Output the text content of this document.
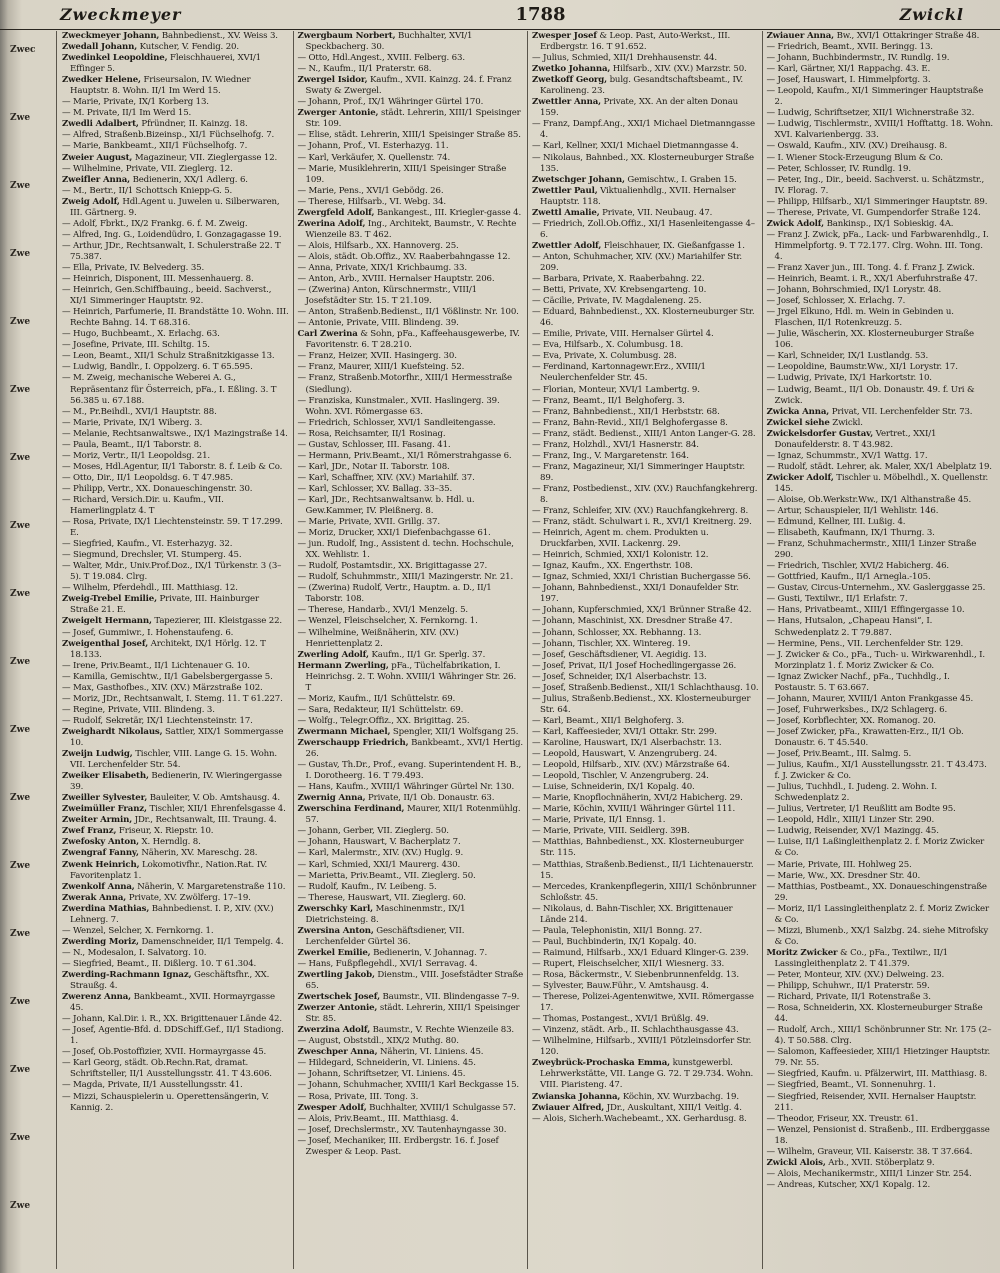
Zweckmeyer	1788	Zwickl
Zwec
Zwe
Zwe
Zwe
Zwe
Zwe
Zwe
Zwe
Zwe
Zwe
Zwe
Zwe
Zwe
Zwe
Zwe
Zwe
Zwe
Zwe

Zweckmeyer Johann, Bahnbedienst., XV. Weiss 3.

Zwedall Johann, Kutscher, V. Fendig. 20.

Zwedinkel Leopoldine, Fleischhauerei, XVI/1 Effinger 5.

Zwedker Helene, Friseursalon, IV. Wiedner Hauptstr. 8. Wohn. II/1 Im Werd 15.

— Marie, Private, IX/1 Korberg 13.

— M. Private, II/1 Im Werd 15.

Zwedli Adalbert, Pfründner, II. Kainzg. 18.

— Alfred, Straßenb.Bizeinsp., XI/1 Füchselhofg. 7.

— Marie, Bankbeamt., XII/1 Füchselhofg. 7.

Zweier August, Magazineur, VII. Zieglergasse 12.

— Wilhelmine, Private, VII. Zieglerg. 12.

Zweifler Anna, Bedienerin, XX/1 Adlerg. 6.

— M., Bertr., II/1 Schottsch Kniepp-G. 5.

Zweig Adolf, Hdl.Agent u. Juwelen u. Silberwaren, III. Gärtnerg. 9.

— Adolf, Fbrkt., IX/2 Frankg. 6. f. M. Zweig.

— Alfred, Ing. G., Loidendüdro, I. Gonzagagasse 19.

— Arthur, JDr., Rechtsanwalt, I. Schulerstraße 22. T 75.387.

— Ella, Private, IV. Belvederg. 35.

— Heinrich, Disponent, III. Messenhauerg. 8.

— Heinrich, Gen.Schiffbauing., beeid. Sachverst., XI/1 Simmeringer Hauptstr. 92.

— Heinrich, Parfumerie, II. Brandstätte 10. Wohn. III. Rechte Bahng. 14. T 68.316.

— Hugo, Buchbeamt., X. Erlachg. 63.

— Josefine, Private, III. Schiltg. 15.

— Leon, Beamt., XII/1 Schulz Straßnitzkigasse 13.

— Ludwig, Bandlr., I. Oppolzerg. 6. T 65.595.

— M. Zweig, mechanische Weberei A. G., Repräsentanz für Österreich, pFa., I. Eßling. 3. T 56.385 u. 67.188.

— M., Pr.Beihdl., XVI/1 Hauptstr. 88.

— Marie, Private, IX/1 Wiberg. 3.

— Melanie, Rechtsanwaltswe., IX/1 Mazingstraße 14.

— Paula, Beamt., II/1 Taborstr. 8.

— Moriz, Vertr., II/1 Leopoldsg. 21.

— Moses, Hdl.Agentur, II/1 Taborstr. 8. f. Leib & Co.

— Otto, Dir., II/1 Leopoldsg. 6. T 47.985.

— Philipp, Vertr., XX. Donaueschingenstr. 30.

— Richard, Versich.Dir. u. Kaufm., VII. Hamerlingplatz 4. T

— Rosa, Private, IX/1 Liechtensteinstr. 59. T 17.299. E.

— Siegfried, Kaufm., VI. Esterhazyg. 32.

— Siegmund, Drechsler, VI. Stumperg. 45.

— Walter, Mdr., Univ.Prof.Doz., IX/1 Türkenstr. 3 (3–5). T 19.084. Clrg.

— Wilhelm, Pferdehdl., III. Matthiasg. 12.

Zweig-Trebel Emilie, Private, III. Hainburger Straße 21. E.

Zweigelt Hermann, Tapezierer, III. Kleistgasse 22.

— Josef, Gummiwr., I. Hohenstaufeng. 6.

Zweigenthal Josef, Architekt, IX/1 Hörlg. 12. T 18.133.

— Irene, Priv.Beamt., II/1 Lichtenauer G. 10.

— Kamilla, Gemischtw., II/1 Gabelsbergergasse 5.

— Max, Gasthofbes., XIV. (XV.) Märzstraße 102.

— Moriz, JDr., Rechtsanwalt, I. Stemg. 11. T 61.227.

— Regine, Private, VIII. Blindeng. 3.

— Rudolf, Sekretär, IX/1 Liechtensteinstr. 17.

Zweighardt Nikolaus, Sattler, XIX/1 Sommergasse 10.

Zweijn Ludwig, Tischler, VIII. Lange G. 15. Wohn. VII. Lerchenfelder Str. 54.

Zweiker Elisabeth, Bedienerin, IV. Wieringergasse 39.

Zweiller Sylvester, Bauleiter, V. Ob. Amtshausg. 4.

Zweimüller Franz, Tischler, XII/1 Ehrenfelsgasse 4.

Zweiter Armin, JDr., Rechtsanwalt, III. Traung. 4.

Zwef Franz, Friseur, X. Riepstr. 10.

Zwefosky Anton, X. Herndlg. 8.

Zwengraf Fanny, Näherin, XV. Mareschg. 28.

Zwenk Heinrich, Lokomotivfhr., Nation.Rat. IV. Favoritenplatz 1.

Zwenkolf Anna, Näherin, V. Margaretenstraße 110.

Zwerak Anna, Private, XV. Zwölferg. 17–19.

Zwerdina Mathias, Bahnbedienst. I. P., XIV. (XV.) Lehnerg. 7.

— Wenzel, Selcher, X. Fernkorng. 1.

Zwerding Moriz, Damenschneider, II/1 Tempelg. 4.

— N., Modesalon, I. Salvatorg. 10.

— Siegfried, Beamt., II. Dißlerg. 10. T 61.304.

Zwerding-Rachmann Ignaz, Geschäftsfhr., XX. Straußg. 4.

Zwerenz Anna, Bankbeamt., XVII. Hormayrgasse 45.

— Johann, Kal.Dir. i. R., XX. Brigittenauer Lände 42.

— Josef, Agentie-Bfd. d. DDSchiff.Gef., II/1 Stadiong. 1.

— Josef, Ob.Postoffizier, XVII. Hormayrgasse 45.

— Karl Georg, städt. Ob.Rechn.Rat, dramat. Schriftsteller, II/1 Ausstellungsstr. 41. T 43.606.

— Magda, Private, II/1 Ausstellungsstr. 41.

— Mizzi, Schauspielerin u. Operettensängerin, V. Kannig. 2.

Zwergbaum Norbert, Buchhalter, XVI/1 Speckbacherg. 30.

— Otto, Hdl.Angest., XVIII. Felberg. 63.

— N., Kaufm., II/1 Praterstr. 68.

Zwergel Isidor, Kaufm., XVII. Kainzg. 24. f. Franz Swaty & Zwergel.

— Johann, Prof., IX/1 Währinger Gürtel 170.

Zwerger Antonie, städt. Lehrerin, XIII/1 Speisinger Str. 109.

— Elise, städt. Lehrerin, XIII/1 Speisinger Straße 85.

— Johann, Prof., VI. Esterhazyg. 11.

— Karl, Verkäufer, X. Quellenstr. 74.

— Marie, Musiklehrerin, XIII/1 Speisinger Straße 109.

— Marie, Pens., XVI/1 Gebödg. 26.

— Therese, Hilfsarb., VI. Webg. 34.

Zwergfeld Adolf, Bankangest., III. Kriegler-gasse 4.

Zwerina Adolf, Ing., Architekt, Baumstr., V. Rechte Wienzeile 83. T 462.

— Alois, Hilfsarb., XX. Hannoverg. 25.

— Alois, städt. Ob.Offiz., XV. Raaberbahngasse 12.

— Anna, Private, XIX/1 Krichbaumg. 33.

— Anton, Arb., XVIII. Hernalser Hauptstr. 206.

— (Zwerina) Anton, Kürschnermstr., VIII/1 Josefstädter Str. 15. T 21.109.

— Anton, Straßenb.Bedienst., II/1 Vößlinstr. Nr. 100.

— Antonie, Private, VIII. Blindeng. 39.

Carl Zwerina & Sohn, pFa., Kaffeehausgewerbe, IV. Favoritenstr. 6. T 28.210.

— Franz, Heizer, XVII. Hasingerg. 30.

— Franz, Maurer, XIII/1 Kuefsteing. 52.

— Franz, Straßenb.Motorfhr., XIII/1 Hermesstraße (Siedlung).

— Franziska, Kunstmaler., XVII. Haslingerg. 39. Wohn. XVI. Römergasse 63.

— Friedrich, Schlosser, XVI/1 Sandleitengasse.

— Rosa, Reichsamter, II/1 Rosinag.

— Gustav, Schlosser, III. Fasang. 41.

— Hermann, Priv.Beamt., XI/1 Römerstrahgasse 6.

— Karl, JDr., Notar II. Taborstr. 108.

— Karl, Schaffner, XIV. (XV.) Mariahilf. 37.

— Karl, Schlosser, XV. Ballag. 33–35.

— Karl, JDr., Rechtsanwaltsanw. b. Hdl. u. Gew.Kammer, IV. Pleißnerg. 8.

— Marie, Private, XVII. Grillg. 37.

— Moriz, Drucker, XXI/1 Diefenbachgasse 61.

— jun. Rudolf, Ing., Assistent d. techn. Hochschule, XX. Wehlistr. 1.

— Rudolf, Postamtsdir., XX. Brigittagasse 27.

— Rudolf, Schuhmmstr., XIII/1 Mazingerstr. Nr. 21.

— (Zwerina) Rudolf, Vertr., Hauptm. a. D., II/1 Taborstr. 108.

— Therese, Handarb., XVI/1 Menzelg. 5.

— Wenzel, Fleischselcher, X. Fernkorng. 1.

— Wilhelmine, Weißnäherin, XIV. (XV.) Henriettenplatz 2.

Zwerling Adolf, Kaufm., II/1 Gr. Sperlg. 37.

Hermann Zwerling, pFa., Tüchelfabrikation, I. Heinrichsg. 2. T. Wohn. XVIII/1 Währinger Str. 26. T

— Moriz, Kaufm., II/1 Schüttelstr. 69.

— Sara, Redakteur, II/1 Schüttelstr. 69.

— Wolfg., Telegr.Offiz., XX. Brigittag. 25.

Zwermann Michael, Spengler, XII/1 Wolfsgang 25.

Zwerschaupp Friedrich, Bankbeamt., XVI/1 Hertig. 26.

— Gustav, Th.Dr., Prof., evang. Superintendent H. B., I. Dorotheerg. 16. T 79.493.

— Hans, Kaufm., XVIII/1 Währinger Gürtel Nr. 130.

Zwernig Anna, Private, II/1 Ob. Donaustr. 63.

Zwerschina Ferdinand, Maurer, XII/1 Rotenmühlg. 57.

— Johann, Gerber, VII. Zieglerg. 50.

— Johann, Hauswart, V. Bacherplatz 7.

— Karl, Malermstr., XIV. (XV.) Huglg. 9.

— Karl, Schmied, XXI/1 Maurerg. 430.

— Marietta, Priv.Beamt., VII. Zieglerg. 50.

— Rudolf, Kaufm., IV. Leibeng. 5.

— Therese, Hauswart, VII. Zieglerg. 60.

Zwerschky Karl, Maschinenmstr., IX/1 Dietrichsteing. 8.

Zwersina Anton, Geschäftsdiener, VII. Lerchenfelder Gürtel 36.

Zwerkel Emilie, Bedienerin, V. Johannag. 7.

— Hans, Fußpflegehdl., XVI/1 Serravag. 4.

Zwertling Jakob, Dienstm., VIII. Josefstädter Straße 65.

Zwertschek Josef, Baumstr., VII. Blindengasse 7–9.

Zwerzer Antonie, städt. Lehrerin, XIII/1 Speisinger Str. 85.

Zwerzina Adolf, Baumstr., V. Rechte Wienzeile 83.

— August, Obststdl., XIX/2 Muthg. 80.

Zweschper Anna, Näherin, VI. Liniens. 45.

— Hildegard, Schneiderin, VI. Liniens. 45.

— Johann, Schriftsetzer, VI. Liniens. 45.

— Johann, Schuhmacher, XVIII/1 Karl Beckgasse 15.

— Rosa, Private, III. Tong. 3.

Zwesper Adolf, Buchhalter, XVIII/1 Schulgasse 57.

— Alois, Priv.Beamt., III. Matthiasg. 4.

— Josef, Drechslermstr., XV. Tautenhayngasse 30.

— Josef, Mechaniker, III. Erdbergstr. 16. f. Josef Zwesper & Leop. Past.

Zwesper Josef & Leop. Past, Auto-Werkst., III. Erdbergstr. 16. T 91.652.

— Julius, Schmied, XII/1 Drehhausenstr. 44.

Zwetko Johanna, Hilfsarb., XIV. (XV.) Marzstr. 50.

Zwetkoff Georg, bulg. Gesandtschaftsbeamt., IV. Karolineng. 23.

Zwettler Anna, Private, XX. An der alten Donau 159.

— Franz, Dampf.Ang., XXI/1 Michael Dietmanngasse 4.

— Karl, Kellner, XXI/1 Michael Dietmanngasse 4.

— Nikolaus, Bahnbed., XX. Klosterneuburger Straße 135.

Zwetschger Johann, Gemischtw., I. Graben 15.

Zwettler Paul, Viktualienhdlg., XVII. Hernalser Hauptstr. 118.

Zwettl Amalie, Private, VII. Neubaug. 47.

— Friedrich, Zoll.Ob.Offiz., XI/1 Hasenleitengasse 4–6.

Zwettler Adolf, Fleischhauer, IX. Gießanfgasse 1.

— Anton, Schuhmacher, XIV. (XV.) Mariahilfer Str. 209.

— Barbara, Private, X. Raaberbahng. 22.

— Betti, Private, XV. Krebsengarteng. 10.

— Cäcilie, Private, IV. Magdaleneng. 25.

— Eduard, Bahnbedienst., XX. Klosterneuburger Str. 46.

— Emilie, Private, VIII. Hernalser Gürtel 4.

— Eva, Hilfsarb., X. Columbusg. 18.

— Eva, Private, X. Columbusg. 28.

— Ferdinand, Kartonnagewr.Erz., XVIII/1 Neulerchenfelder Str. 45.

— Florian, Monteur, XVI/1 Lambertg. 9.

— Franz, Beamt., II/1 Belghoferg. 3.

— Franz, Bahnbedienst., XII/1 Herbststr. 68.

— Franz, Bahn-Revid., XII/1 Belghofergasse 8.

— Franz, städt. Bedienst., XIII/1 Anton Langer-G. 28.

— Franz, Holzhdl., XVI/1 Hasnerstr. 84.

— Franz, Ing., V. Margaretenstr. 164.

— Franz, Magazineur, XI/1 Simmeringer Hauptstr. 89.

— Franz, Postbedienst., XIV. (XV.) Rauchfangkehrerg. 8.

— Franz, Schleifer, XIV. (XV.) Rauchfangkehrerg. 8.

— Franz, städt. Schulwart i. R., XVI/1 Kreitnerg. 29.

— Heinrich, Agent m. chem. Produkten u. Druckfarben, XVII. Lackenrg. 29.

— Heinrich, Schmied, XXI/1 Kolonistr. 12.

— Ignaz, Kaufm., XX. Engerthstr. 108.

— Ignaz, Schmied, XXI/1 Christian Buchergasse 56.

— Johann, Bahnbedienst., XXI/1 Donaufelder Str. 197.

— Johann, Kupferschmied, XX/1 Brünner Straße 42.

— Johann, Maschinist, XX. Dresdner Straße 47.

— Johann, Schlosser, XX. Rebhanng. 13.

— Johann, Tischler, XX. Wintereg. 19.

— Josef, Geschäftsdiener, VI. Aegidig. 13.

— Josef, Privat, II/1 Josef Hochedlingergasse 26.

— Josef, Schneider, IX/1 Alserbachstr. 13.

— Josef, Straßenb.Bedienst., XII/1 Schlachthausg. 10.

— Julius, Straßenb.Bedienst., XX. Klosterneuburger Str. 64.

— Karl, Beamt., XII/1 Belghoferg. 3.

— Karl, Kaffeesieder, XVI/1 Ottakr. Str. 299.

— Karoline, Hauswart, IX/1 Alserbachstr. 13.

— Leopold, Hauswart, V. Anzengruberg. 24.

— Leopold, Hilfsarb., XIV. (XV.) Märzstraße 64.

— Leopold, Tischler, V. Anzengruberg. 24.

— Luise, Schneiderin, IX/1 Kopalg. 40.

— Marie, Knopflochnäherin, XVI/2 Habicherg. 29.

— Marie, Köchin, XVIII/1 Währinger Gürtel 111.

— Marie, Private, II/1 Ennsg. 1.

— Marie, Private, VIII. Seidlerg. 39B.

— Matthias, Bahnbedienst., XX. Klosterneuburger Str. 115.

— Matthias, Straßenb.Bedienst., II/1 Lichtenauerstr. 15.

— Mercedes, Krankenpflegerin, XIII/1 Schönbrunner Schloßstr. 45.

— Nikolaus, d. Bahn-Tischler, XX. Brigittenauer Lände 214.

— Paula, Telephonistin, XII/1 Bonng. 27.

— Paul, Buchbinderin, IX/1 Kopalg. 40.

— Raimund, Hilfsarb., XX/1 Eduard Klinger-G. 239.

— Rupert, Fleischselcher, XII/1 Wiesnerg. 33.

— Rosa, Bäckermstr., V. Siebenbrunnenfeldg. 13.

— Sylvester, Bauw.Führ., V. Amtshausg. 4.

— Therese, Polizei-Agentenwitwe, XVII. Römergasse 17.

— Thomas, Postangest., XVI/1 Brüßlg. 49.

— Vinzenz, städt. Arb., II. Schlachthausgasse 43.

— Wilhelmine, Hilfsarb., XVIII/1 Pötzleinsdorfer Str. 120.

Zweybrück-Prochaska Emma, kunstgewerbl. Lehrwerkstätte, VII. Lange G. 72. T 29.734. Wohn. VIII. Piaristeng. 47.

Zwianska Johanna, Köchin, XV. Wurzbachg. 19.

Zwiauer Alfred, JDr., Auskultant, XIII/1 Veitlg. 4.

— Alois, Sicherh.Wachebeamt., XX. Gerhardusg. 8.

Zwiauer Anna, Bw., XVI/1 Ottakringer Straße 48.

— Friedrich, Beamt., XVII. Beringg. 13.

— Johann, Buchbindermstr., IV. Rundlg. 19.

— Karl, Gärtner, XI/1 Rappachg. 43. E.

— Josef, Hauswart, I. Himmelpfortg. 3.

— Leopold, Kaufm., XI/1 Simmeringer Hauptstraße 2.

— Ludwig, Schriftsetzer, XII/1 Wichnerstraße 32.

— Ludwig, Tischlermstr., XVIII/1 Hofftattg. 18. Wohn. XVI. Kalvarienbergg. 33.

— Oswald, Kaufm., XIV. (XV.) Dreihausg. 8.

— I. Wiener Stock-Erzeugung Blum & Co.

— Peter, Schlosser, IV. Rundlg. 19.

— Peter, Ing., Dir., beeid. Sachverst. u. Schätzmstr., IV. Florag. 7.

— Philipp, Hilfsarb., XI/1 Simmeringer Hauptstr. 89.

— Therese, Private, VI. Gumpendorfer Straße 124.

Zwick Adolf, Bankinsp., IX/1 Sobieskig. 4A.

— Franz J. Zwick, pFa., Lack- und Farbwarenhdlg., I. Himmelpfortg. 9. T 72.177. Clrg. Wohn. III. Tong. 4.

— Franz Xaver jun., III. Tong. 4. f. Franz J. Zwick.

— Heinrich, Beamt. i. R., XX/1 Aberfuhrstraße 47.

— Johann, Bohrschmied, IX/1 Lorystr. 48.

— Josef, Schlosser, X. Erlachg. 7.

— Jrgel Elkuno, Hdl. m. Wein in Gebinden u. Flaschen, II/1 Rotenkreuzg. 5.

— Julie, Wäscherin, XX. Klosterneuburger Straße 106.

— Karl, Schneider, IX/1 Lustlandg. 53.

— Leopoldine, Baumstr.Ww., XI/1 Lorystr. 17.

— Ludwig, Private, IX/1 Harkortstr. 10.

— Ludwig, Beamt., II/1 Ob. Donaustr. 49. f. Uri & Zwick.

Zwicka Anna, Privat, VII. Lerchenfelder Str. 73.

Zwickel siehe Zwickl.

Zwickelsdorfer Gustav, Vertret., XXI/1 Donaufelderstr. 8. T 43.982.

— Ignaz, Schummstr., XV/1 Wattg. 17.

— Rudolf, städt. Lehrer, ak. Maler, XX/1 Abelplatz 19.

Zwicker Adolf, Tischler u. Möbelhdl., X. Quellenstr. 145.

— Aloise, Ob.Werkstr.Ww., IX/1 Althanstraße 45.

— Artur, Schauspieler, II/1 Wehlistr. 146.

— Edmund, Kellner, III. Lußig. 4.

— Elisabeth, Kaufmann, IX/1 Thurng. 3.

— Franz, Schuhmachermstr., XIII/1 Linzer Straße 290.

— Friedrich, Tischler, XVI/2 Habicherg. 46.

— Gottfried, Kaufm., II/1 Arnegla.-105.

— Gustav, Circus-Unternehm., XV. Gaslerggasse 25.

— Gusti, Textilwr., II/1 Erlafstr. 7.

— Hans, Privatbeamt., XIII/1 Effingergasse 10.

— Hans, Hutsalon, „Chapeau Hansi“, I. Schwedenplatz 2. T 79.887.

— Hermine, Pens., VII. Lerchenfelder Str. 129.

— J. Zwicker & Co., pFa., Tuch- u. Wirkwarenhdl., I. Morzinplatz 1. f. Moriz Zwicker & Co.

— Ignaz Zwicker Nachf., pFa., Tuchhdlg., I. Postaustr. 5. T 63.667.

— Johann, Maurer, XVIII/1 Anton Frankgasse 45.

— Josef, Fuhrwerksbes., IX/2 Schlagerg. 6.

— Josef, Korbflechter, XX. Romanog. 20.

— Josef Zwicker, pFa., Krawatten-Erz., II/1 Ob. Donaustr. 6. T 45.540.

— Josef, Priv.Beamt., III. Salmg. 5.

— Julius, Kaufm., XI/1 Ausstellungsstr. 21. T 43.473. f. J. Zwicker & Co.

— Julius, Tuchhdl., I. Judeng. 2. Wohn. I. Schwedenplatz 2.

— Julius, Vertreter, I/1 Reußlitt am Bodte 95.

— Leopold, Hdlr., XIII/1 Linzer Str. 290.

— Ludwig, Reisender, XV/1 Mazingg. 45.

— Luise, II/1 Laßingleithenplatz 2. f. Moriz Zwicker & Co.

— Marie, Private, III. Hohlweg 25.

— Marie, Ww., XX. Dresdner Str. 40.

— Matthias, Postbeamt., XX. Donaueschingenstraße 29.

— Moriz, II/1 Lassingleithenplatz 2. f. Moriz Zwicker & Co.

— Mizzi, Blumenb., XX/1 Salzbg. 24. siehe Mitrofsky & Co.

Moritz Zwicker & Co., pFa., Textilwr., II/1 Lassingleithenplatz 2. T 41.379.

— Peter, Monteur, XIV. (XV.) Delweing. 23.

— Philipp, Schuhwr., II/1 Praterstr. 59.

— Richard, Private, II/1 Rotenstraße 3.

— Rosa, Schneiderin, XX. Klosterneuburger Straße 44.

— Rudolf, Arch., XIII/1 Schönbrunner Str. Nr. 175 (2–4). T 50.588. Clrg.

— Salomon, Kaffeesieder, XIII/1 Hietzinger Hauptstr. 79. Nr. 55.

— Siegfried, Kaufm. u. Pfälzerwirt, III. Matthiasg. 8.

— Siegfried, Beamt., VI. Sonnenuhrg. 1.

— Siegfried, Reisender, XVII. Hernalser Hauptstr. 211.

— Theodor, Friseur, XX. Treustr. 61.

— Wenzel, Pensionist d. Straßenb., III. Erdberggasse 18.

— Wilhelm, Graveur, VII. Kaiserstr. 38. T 37.664.

Zwickl Alois, Arb., XVII. Stöberplatz 9.

— Alois, Mechanikermstr., XIII/1 Linzer Str. 254.

— Andreas, Kutscher, XX/1 Kopalg. 12.
